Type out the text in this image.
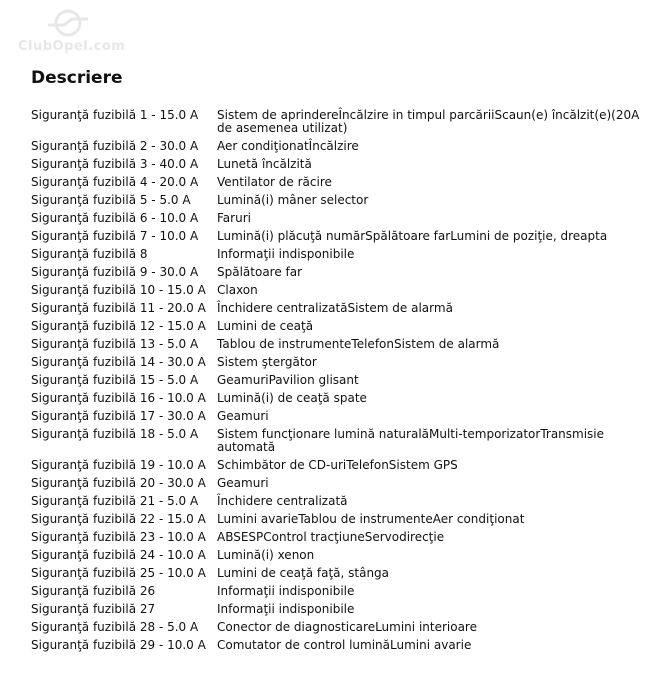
ClubOpel.com
Descriere
Siguranţă fuzibilă 1 - 15.0 A	Sistem de aprindereÎncălzire in timpul parcăriiScaun(e) încălzit(e)(20A de asemenea utilizat)
Siguranţă fuzibilă 2 - 30.0 A	Aer condiţionatÎncălzire
Siguranţă fuzibilă 3 - 40.0 A	Lunetă încălzită
Siguranţă fuzibilă 4 - 20.0 A	Ventilator de răcire
Siguranţă fuzibilă 5 - 5.0 A	Lumină(i) mâner selector
Siguranţă fuzibilă 6 - 10.0 A	Faruri
Siguranţă fuzibilă 7 - 10.0 A	Lumină(i) plăcuţă numărSpălătoare farLumini de poziţie, dreapta
Siguranţă fuzibilă 8	Informaţii indisponibile
Siguranţă fuzibilă 9 - 30.0 A	Spălătoare far
Siguranţă fuzibilă 10 - 15.0 A	Claxon
Siguranţă fuzibilă 11 - 20.0 A	Închidere centralizatăSistem de alarmă
Siguranţă fuzibilă 12 - 15.0 A	Lumini de ceaţă
Siguranţă fuzibilă 13 - 5.0 A	Tablou de instrumenteTelefonSistem de alarmă
Siguranţă fuzibilă 14 - 30.0 A	Sistem ştergător
Siguranţă fuzibilă 15 - 5.0 A	GeamuriPavilion glisant
Siguranţă fuzibilă 16 - 10.0 A	Lumină(i) de ceaţă spate
Siguranţă fuzibilă 17 - 30.0 A	Geamuri
Siguranţă fuzibilă 18 - 5.0 A	Sistem funcţionare lumină naturalăMulti-temporizatorTransmisie automată
Siguranţă fuzibilă 19 - 10.0 A	Schimbător de CD-uriTelefonSistem GPS
Siguranţă fuzibilă 20 - 30.0 A	Geamuri
Siguranţă fuzibilă 21 - 5.0 A	Închidere centralizată
Siguranţă fuzibilă 22 - 15.0 A	Lumini avarieTablou de instrumenteAer condiţionat
Siguranţă fuzibilă 23 - 10.0 A	ABSESPControl tracţiuneServodirecţie
Siguranţă fuzibilă 24 - 10.0 A	Lumină(i) xenon
Siguranţă fuzibilă 25 - 10.0 A	Lumini de ceaţă faţă, stânga
Siguranţă fuzibilă 26	Informaţii indisponibile
Siguranţă fuzibilă 27	Informaţii indisponibile
Siguranţă fuzibilă 28 - 5.0 A	Conector de diagnosticareLumini interioare
Siguranţă fuzibilă 29 - 10.0 A	Comutator de control luminăLumini avarie
